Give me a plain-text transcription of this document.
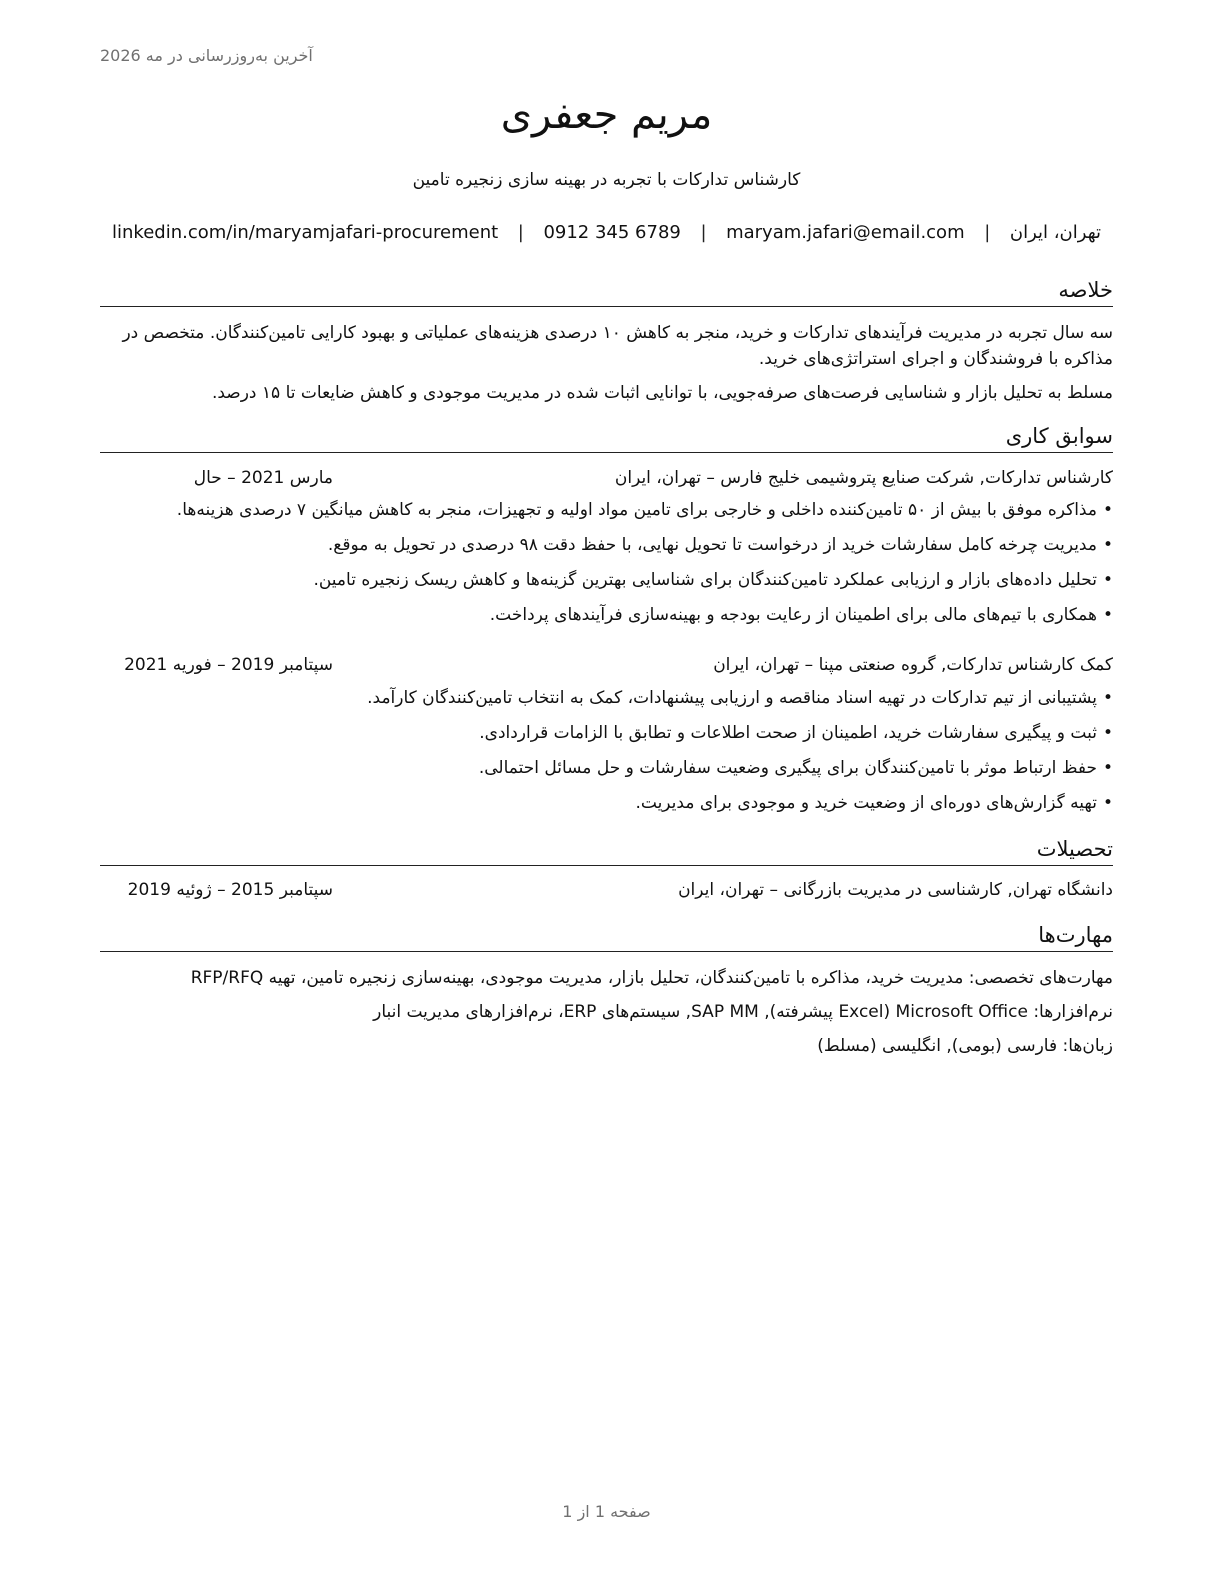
آخرین به‌روزرسانی در مه 2026
مریم جعفری
کارشناس تدارکات با تجربه در بهینه سازی زنجیره تامین
تهران، ایران
|
maryam.jafari@email.com
|
0912 345 6789
|
linkedin.com/in/maryamjafari-procurement
خلاصه
سه سال تجربه در مدیریت فرآیندهای تدارکات و خرید، منجر به کاهش ۱۰ درصدی هزینه‌های عملیاتی و بهبود کارایی تامین‌کنندگان. متخصص در مذاکره با فروشندگان و اجرای استراتژی‌های خرید.
مسلط به تحلیل بازار و شناسایی فرصت‌های صرفه‌جویی، با توانایی اثبات شده در مدیریت موجودی و کاهش ضایعات تا ۱۵ درصد.
سوابق کاری
کارشناس تدارکات, شرکت صنایع پتروشیمی خلیج فارس – تهران، ایران
مارس 2021 – حال
•مذاکره موفق با بیش از ۵۰ تامین‌کننده داخلی و خارجی برای تامین مواد اولیه و تجهیزات، منجر به کاهش میانگین ۷ درصدی هزینه‌ها.
•مدیریت چرخه کامل سفارشات خرید از درخواست تا تحویل نهایی، با حفظ دقت ۹۸ درصدی در تحویل به موقع.
•تحلیل داده‌های بازار و ارزیابی عملکرد تامین‌کنندگان برای شناسایی بهترین گزینه‌ها و کاهش ریسک زنجیره تامین.
•همکاری با تیم‌های مالی برای اطمینان از رعایت بودجه و بهینه‌سازی فرآیندهای پرداخت.
کمک کارشناس تدارکات, گروه صنعتی مپنا – تهران، ایران
سپتامبر 2019 – فوریه 2021
•پشتیبانی از تیم تدارکات در تهیه اسناد مناقصه و ارزیابی پیشنهادات، کمک به انتخاب تامین‌کنندگان کارآمد.
•ثبت و پیگیری سفارشات خرید، اطمینان از صحت اطلاعات و تطابق با الزامات قراردادی.
•حفظ ارتباط موثر با تامین‌کنندگان برای پیگیری وضعیت سفارشات و حل مسائل احتمالی.
•تهیه گزارش‌های دوره‌ای از وضعیت خرید و موجودی برای مدیریت.
تحصیلات
دانشگاه تهران, کارشناسی در مدیریت بازرگانی – تهران، ایران
سپتامبر 2015 – ژوئیه 2019
مهارت‌ها
مهارت‌های تخصصی: مدیریت خرید، مذاکره با تامین‌کنندگان، تحلیل بازار، مدیریت موجودی، بهینه‌سازی زنجیره تامین، تهیه RFP/RFQ
نرم‌افزارها: Microsoft Office (Excel پیشرفته), SAP MM, سیستم‌های ERP، نرم‌افزارهای مدیریت انبار
زبان‌ها: فارسی (بومی), انگلیسی (مسلط)
صفحه 1 از 1
